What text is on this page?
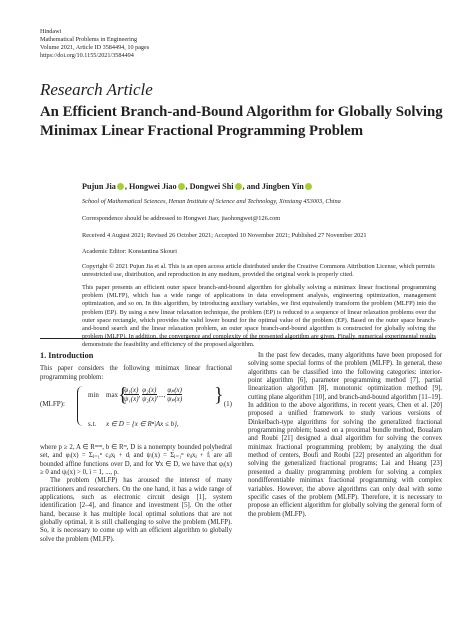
Hindawi
Mathematical Problems in Engineering
Volume 2021, Article ID 3584494, 10 pages
https://doi.org/10.1155/2021/3584494
Research Article
An Efficient Branch-and-Bound Algorithm for Globally Solving
Minimax Linear Fractional Programming Problem
Pujun Jia , Hongwei Jiao , Dongwei Shi , and Jingben Yin
School of Mathematical Sciences, Henan Institute of Science and Technology, Xinxiang 453003, China
Correspondence should be addressed to Hongwei Jiao; jiaohongwei@126.com
Received 4 August 2021; Revised 26 October 2021; Accepted 10 November 2021; Published 27 November 2021
Academic Editor: Konstantina Skouri
Copyright © 2021 Pujun Jia et al. This is an open access article distributed under the Creative Commons Attribution License, which permits unrestricted use, distribution, and reproduction in any medium, provided the original work is properly cited.
This paper presents an efficient outer space branch-and-bound algorithm for globally solving a minimax linear fractional programming problem (MLFP), which has a wide range of applications in data envelopment analysis, engineering optimization, management optimization, and so on. In this algorithm, by introducing auxiliary variables, we first equivalently transform the problem (MLFP) into the problem (EP). By using a new linear relaxation technique, the problem (EP) is reduced to a sequence of linear relaxation problems over the outer space rectangle, which provides the valid lower bound for the optimal value of the problem (EP). Based on the outer space branch-and-bound search and the linear relaxation problem, an outer space branch-and-bound algorithm is constructed for globally solving the problem (MLFP). In addition, the convergence and complexity of the presented algorithm are given. Finally, numerical experimental results demonstrate the feasibility and efficiency of the proposed algorithm.
1. Introduction

This paper considers the following minimax linear fractional programming problem:

(MLFP):
min max {
$\frac{\text{φ₁(x)}}{\text{ψ₁(x)}}$ , $\frac{\text{φ₂(x)}}{\text{ψ₂(x)}}$ ,..., $\frac{\text{φₚ(x)}}{\text{ψₚ(x)}}$ }
s.t. x ∈ D = {x ∈ Rⁿ|Ax ≤ b},
(1)

where p ≥ 2, A ∈ Rᵐˣⁿ, b ∈ Rᵐ, D is a nonempty bounded polyhedral set, and φᵢ(x) = Σⱼ₌₁ⁿ cᵢⱼxⱼ + dᵢ and ψᵢ(x) = Σⱼ₌₁ⁿ eᵢⱼxⱼ + fᵢ are all bounded affine functions over D, and for ∀x ∈ D, we have that φᵢ(x) ≥ 0 and ψᵢ(x) > 0, i = 1, ..., p.

The problem (MLFP) has aroused the interest of many practitioners and researchers. On the one hand, it has a wide range of applications, such as electronic circuit design [1], system identification [2–4], and finance and investment [5]. On the other hand, because it has multiple local optimal solutions that are not globally optimal, it is still challenging to solve the problem (MLFP). So, it is necessary to come up with an efficient algorithm to globally solve the problem (MLFP).

In the past few decades, many algorithms have been proposed for solving some special forms of the problem (MLFP). In general, these algorithms can be classified into the following categories: interior-point algorithm [6], parameter programming method [7], partial linearization algorithm [8], monotonic optimization method [9], cutting plane algorithm [10], and branch-and-bound algorithm [11–19]. In addition to the above algorithms, in recent years, Chen et al. [20] proposed a unified framework to study various versions of Dinkelbach-type algorithms for solving the generalized fractional programming problem; based on a proximal bundle method, Boualam and Roubi [21] designed a dual algorithm for solving the convex minimax fractional programming problem; by analyzing the dual method of centers, Boufi and Roubi [22] presented an algorithm for solving the generalized fractional programs; Lai and Huang [23] presented a duality programming problem for solving a complex nondifferentiable minimax fractional programming with complex variables. However, the above algorithms can only deal with some specific cases of the problem (MLFP). Therefore, it is necessary to propose an efficient algorithm for globally solving the general form of the problem (MLFP).
